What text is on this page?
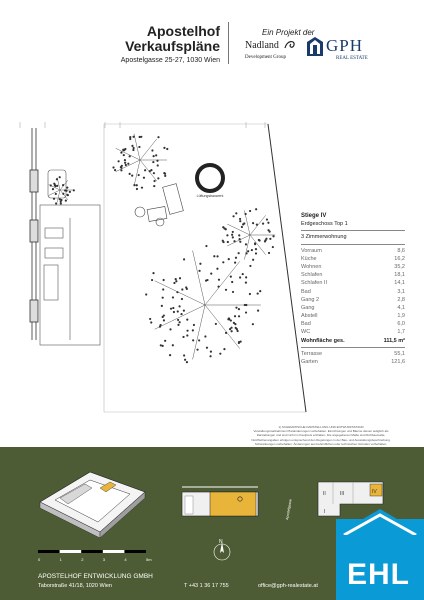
Apostelhof
Verkaufspläne
Apostelgasse 25-27, 1030 Wien
Ein Projekt der
Nadland
Development Group
GPH
REAL ESTATE
Lüftungsbauwerk
Stiege IV
Erdgeschoss Top 1
3 Zimmerwohnung
Vorraum	8,6
Küche	16,2
Wohnen	35,2
Schlafen	18,1
Schlafen II	14,1
Bad	3,1
Gang 2	2,8
Gang	4,1
Abstell	1,9
Bad	6,0
WC	1,7
Wohnfläche ges.	111,5 m²
Terrasse	55,1
Garten	121,6
1) SCHEMATISCHE DARSTELLUNG UND ENTWURFSSTAND
Verwaltungsmaßnahmen Planänderungen vorbehalten. Einrichtungen und Bäume dienen lediglich als
Darstellungen und sind nicht im Kaufpreis enthalten. Die angegebenen Maße sind Rohbaumaße,
Nutzflächenangaben erfolgen entsprechend den Regelungen in der Bau- und Ausstattungsbeschreibung.
Schwankungen vorbehalten. Änderungen aus behördlichen oder technischen Gründen vorbehalten.
0	1	2	3	4	5m
N
II	III	IV
I
Apostelgasse
APOSTELHOF ENTWICKLUNG GMBH
Taborstraße 41/18, 1020 Wien	T +43 1 36 17 755	office@gph-realestate.at EHL
